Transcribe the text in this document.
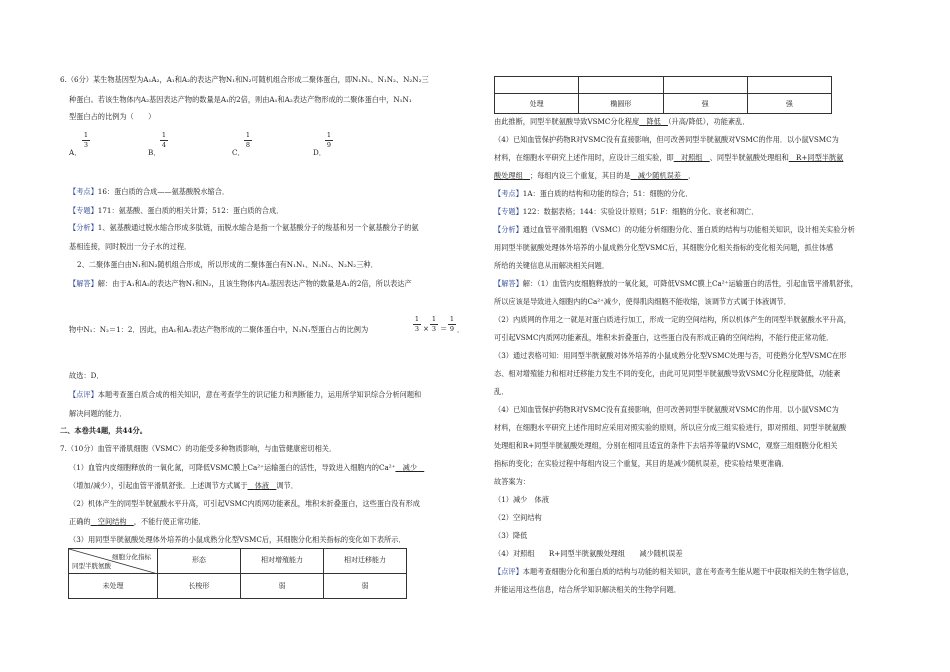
6.（6分）某生物基因型为A₁A₂，A₁和A₂的表达产物N₁和N₂可随机组合形成二聚体蛋白，即N₁N₁、N₁N₂、N₂N₂三
种蛋白。若该生物体内A₂基因表达产物的数量是A₁的2倍，则由A₁和A₂表达产物形成的二聚体蛋白中，N₁N₁
型蛋白占的比例为（　　）
A．
$\frac{1}{3}$
B．
$\frac{1}{4}$
C．
$\frac{1}{8}$
D．
$\frac{1}{9}$
【考点】16：蛋白质的合成——氨基酸脱水缩合．
【专题】171：氨基酸、蛋白质的相关计算；512：蛋白质的合成．
【分析】1、氨基酸通过脱水缩合形成多肽链，而脱水缩合是指一个氨基酸分子的羧基和另一个氨基酸分子的氨
基相连接，同时脱出一分子水的过程．
2、二聚体蛋白由N₁和N₂随机组合形成，所以形成的二聚体蛋白有N₁N₁、N₁N₂、N₂N₂三种．
【解答】解：由于A₁和A₂的表达产物N₁和N₂，且该生物体内A₂基因表达产物的数量是A₁的2倍，所以表达产
物中N₁：N₂＝1：2．因此，由A₁和A₂表达产物形成的二聚体蛋白中，N₁N₁型蛋白占的比例为	$\frac{1}{3} \times \frac{1}{3} = \frac{1}{9}$ ．
故选：D．
【点评】本题考查蛋白质合成的相关知识，意在考查学生的识记能力和判断能力，运用所学知识综合分析问题和
解决问题的能力．
二、本卷共4题，共44分。
7.（10分）血管平滑肌细胞（VSMC）的功能受多种物质影响，与血管健康密切相关．
（1）血管内皮细胞释放的一氧化氮，可降低VSMC膜上Ca²⁺运输蛋白的活性，导致进入细胞内的Ca²⁺　 减少　
（增加/减少），引起血管平滑肌舒张．上述调节方式属于　 体液　 调节．
（2）机体产生的同型半胱氨酸水平升高，可引起VSMC内质网功能紊乱，堆积未折叠蛋白，这些蛋白没有形成
正确的　 空间结构　 ，不能行使正常功能．
（3）用同型半胱氨酸处理体外培养的小鼠成熟分化型VSMC后，其细胞分化相关指标的变化如下表所示．
细胞分化指标
同型半胱氨酸	形态	相对增殖能力	相对迁移能力
未处理	长梭形	弱	弱

处理	椭圆形	强	强
由此推断，同型半胱氨酸导致VSMC分化程度　 降低　 （升高/降低），功能紊乱．
（4）已知血管保护药物R对VSMC没有直接影响，但可改善同型半胱氨酸对VSMC的作用．以小鼠VSMC为
材料，在细胞水平研究上述作用时，应设计三组实验，即　 对照组　 、同型半胱氨酸处理组和　 R+同型半胱氨
酸处理组　 ；每组内设三个重复，其目的是　 减少随机误差　 ．
【考点】1A：蛋白质的结构和功能的综合；51：细胞的分化．
【专题】122：数据表格；144：实验设计原则；51F：细胞的分化、衰老和凋亡．
【分析】通过血管平滑肌细胞（VSMC）的功能分析细胞分化、蛋白质的结构与功能相关知识，设计相关实验分析
用同型半胱氨酸处理体外培养的小鼠成熟分化型VSMC后，其细胞分化相关指标的变化相关问题，抓住体感
所给的关键信息从而解决相关问题．
【解答】解：（1）血管内皮细胞释放的一氧化氮，可降低VSMC膜上Ca²⁺运输蛋白的活性，引起血管平滑肌舒张，
所以应该是导致进入细胞内的Ca²⁺减少，使得肌肉细胞不能收缩，该调节方式属于体液调节．
（2）内质网的作用之一就是对蛋白质进行加工，形成一定的空间结构，所以机体产生的同型半胱氨酸水平升高，
可引起VSMC内质网功能紊乱，堆积未折叠蛋白，这些蛋白没有形成正确的空间结构，不能行使正常功能．
（3）通过表格可知：用同型半胱氨酸对体外培养的小鼠成熟分化型VSMC处理与否，可使熟分化型VSMC在形
态、相对增殖能力和相对迁移能力发生不同的变化，由此可见同型半胱氨酸导致VSMC分化程度降低，功能紊
乱．
（4）已知血管保护药物R对VSMC没有直接影响，但可改善同型半胱氨酸对VSMC的作用．以小鼠VSMC为
材料，在细胞水平研究上述作用时应采用对照实验的原则，所以应分成三组实验进行，即对照组、同型半胱氨酸
处理组和R+同型半胱氨酸处理组，分别在相同且适宜的条件下去培养等量的VSMC，观察三组细胞分化相关
指标的变化；在实验过程中每组内设三个重复，其目的是减少随机误差，使实验结果更准确．
故答案为：
（1）减少　体液
（2）空间结构
（3）降低
（4）对照组　　R+同型半胱氨酸处理组　　减少随机误差
【点评】本题考查细胞分化和蛋白质的结构与功能的相关知识，意在考查考生能从题干中获取相关的生物学信息，
并能运用这些信息，结合所学知识解决相关的生物学问题．
